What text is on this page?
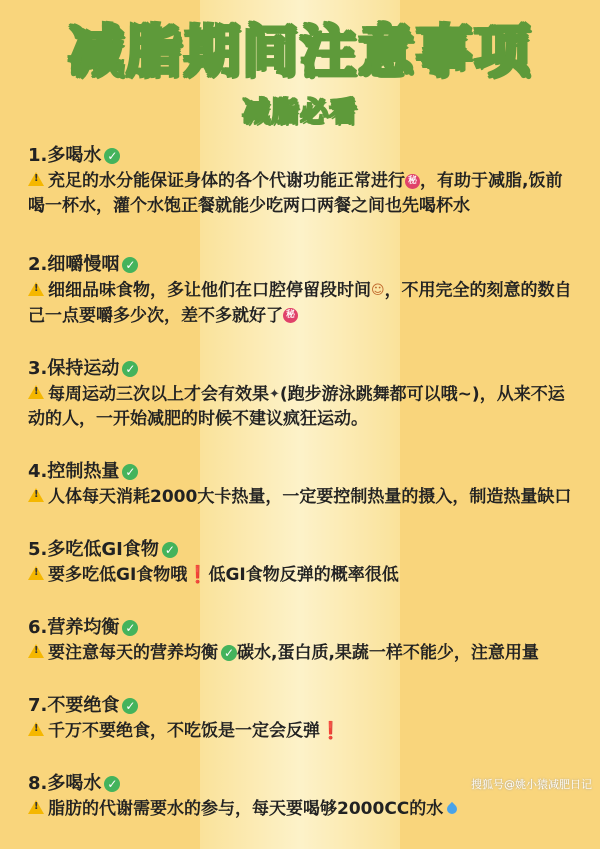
减脂期间注意事项
减脂必看
1.多喝水 ✓
!充足的水分能保证身体的各个代谢功能正常进行 秘 ，有助于减脂,饭前喝一杯水，灌个水饱正餐就能少吃两口两餐之间也先喝杯水
2.细嚼慢咽 ✓
!细细品味食物，多让他们在口腔停留段时间☺，不用完全的刻意的数自己一点要嚼多少次，差不多就好了 秘
3.保持运动 ✓
!每周运动三次以上才会有效果✦(跑步游泳跳舞都可以哦~)，从来不运动的人，一开始减肥的时候不建议疯狂运动。
4.控制热量 ✓
!人体每天消耗2000大卡热量，一定要控制热量的摄入，制造热量缺口
5.多吃低GI食物 ✓
!要多吃低GI食物哦❗低GI食物反弹的概率很低
6.营养均衡 ✓
!要注意每天的营养均衡 ✓ 碳水,蛋白质,果蔬一样不能少，注意用量
7.不要绝食 ✓
!千万不要绝食，不吃饭是一定会反弹❗
8.多喝水 ✓
!脂肪的代谢需要水的参与，每天要喝够2000CC的水
搜狐号@姚小猿减肥日记
